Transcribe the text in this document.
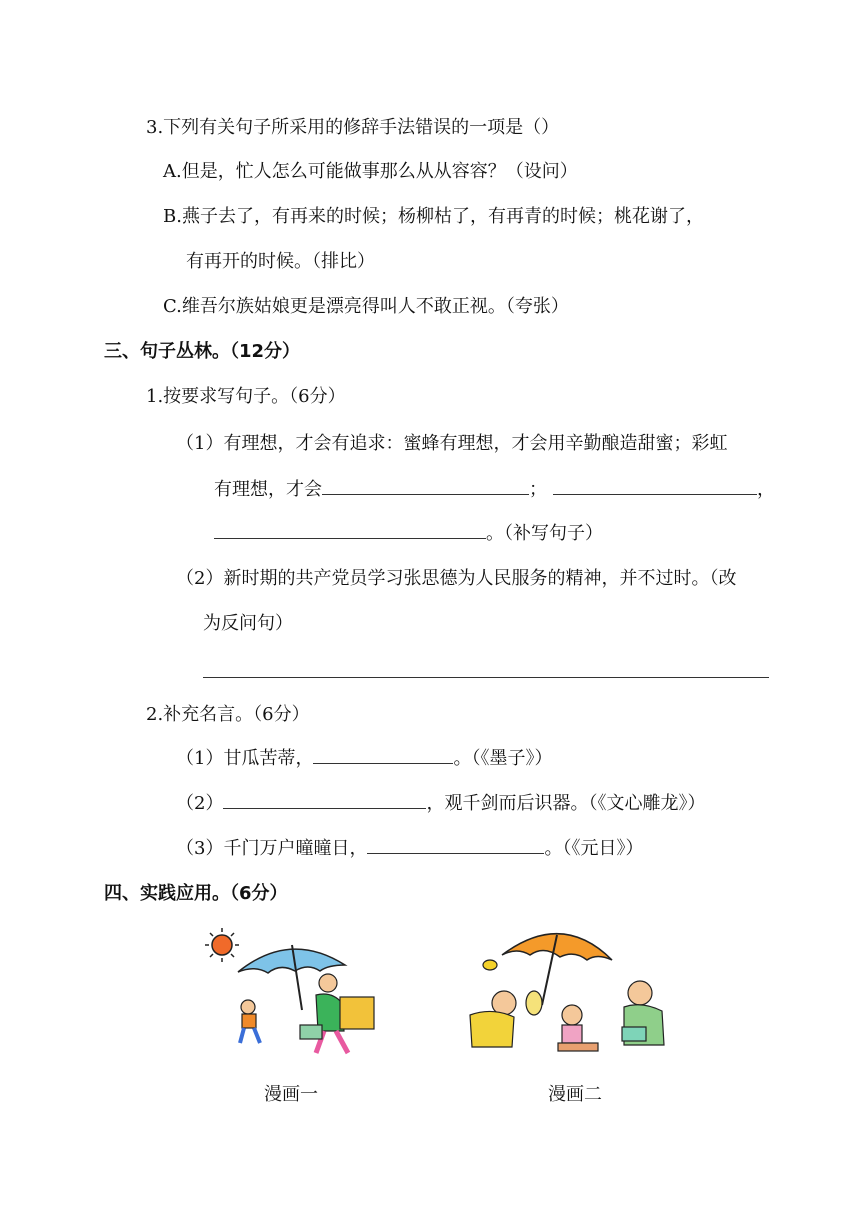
3.下列有关句子所采用的修辞手法错误的一项是（）
A.但是，忙人怎么可能做事那么从从容容？（设问）
B.燕子去了，有再来的时候；杨柳枯了，有再青的时候；桃花谢了，
有再开的时候。（排比）
C.维吾尔族姑娘更是漂亮得叫人不敢正视。（夸张）
三、句子丛林。（12分）
1.按要求写句子。（6分）
（1）有理想，才会有追求：蜜蜂有理想，才会用辛勤酿造甜蜜；彩虹
有理想，才会	；	，
。（补写句子）
（2）新时期的共产党员学习张思德为人民服务的精神，并不过时。（改
为反问句）
2.补充名言。（6分）
（1）甘瓜苦蒂，	。（《墨子》）
（2）	，观千剑而后识器。（《文心雕龙》）
（3）千门万户曈曈日，	。（《元日》）
四、实践应用。（6分）
漫画一	漫画二
